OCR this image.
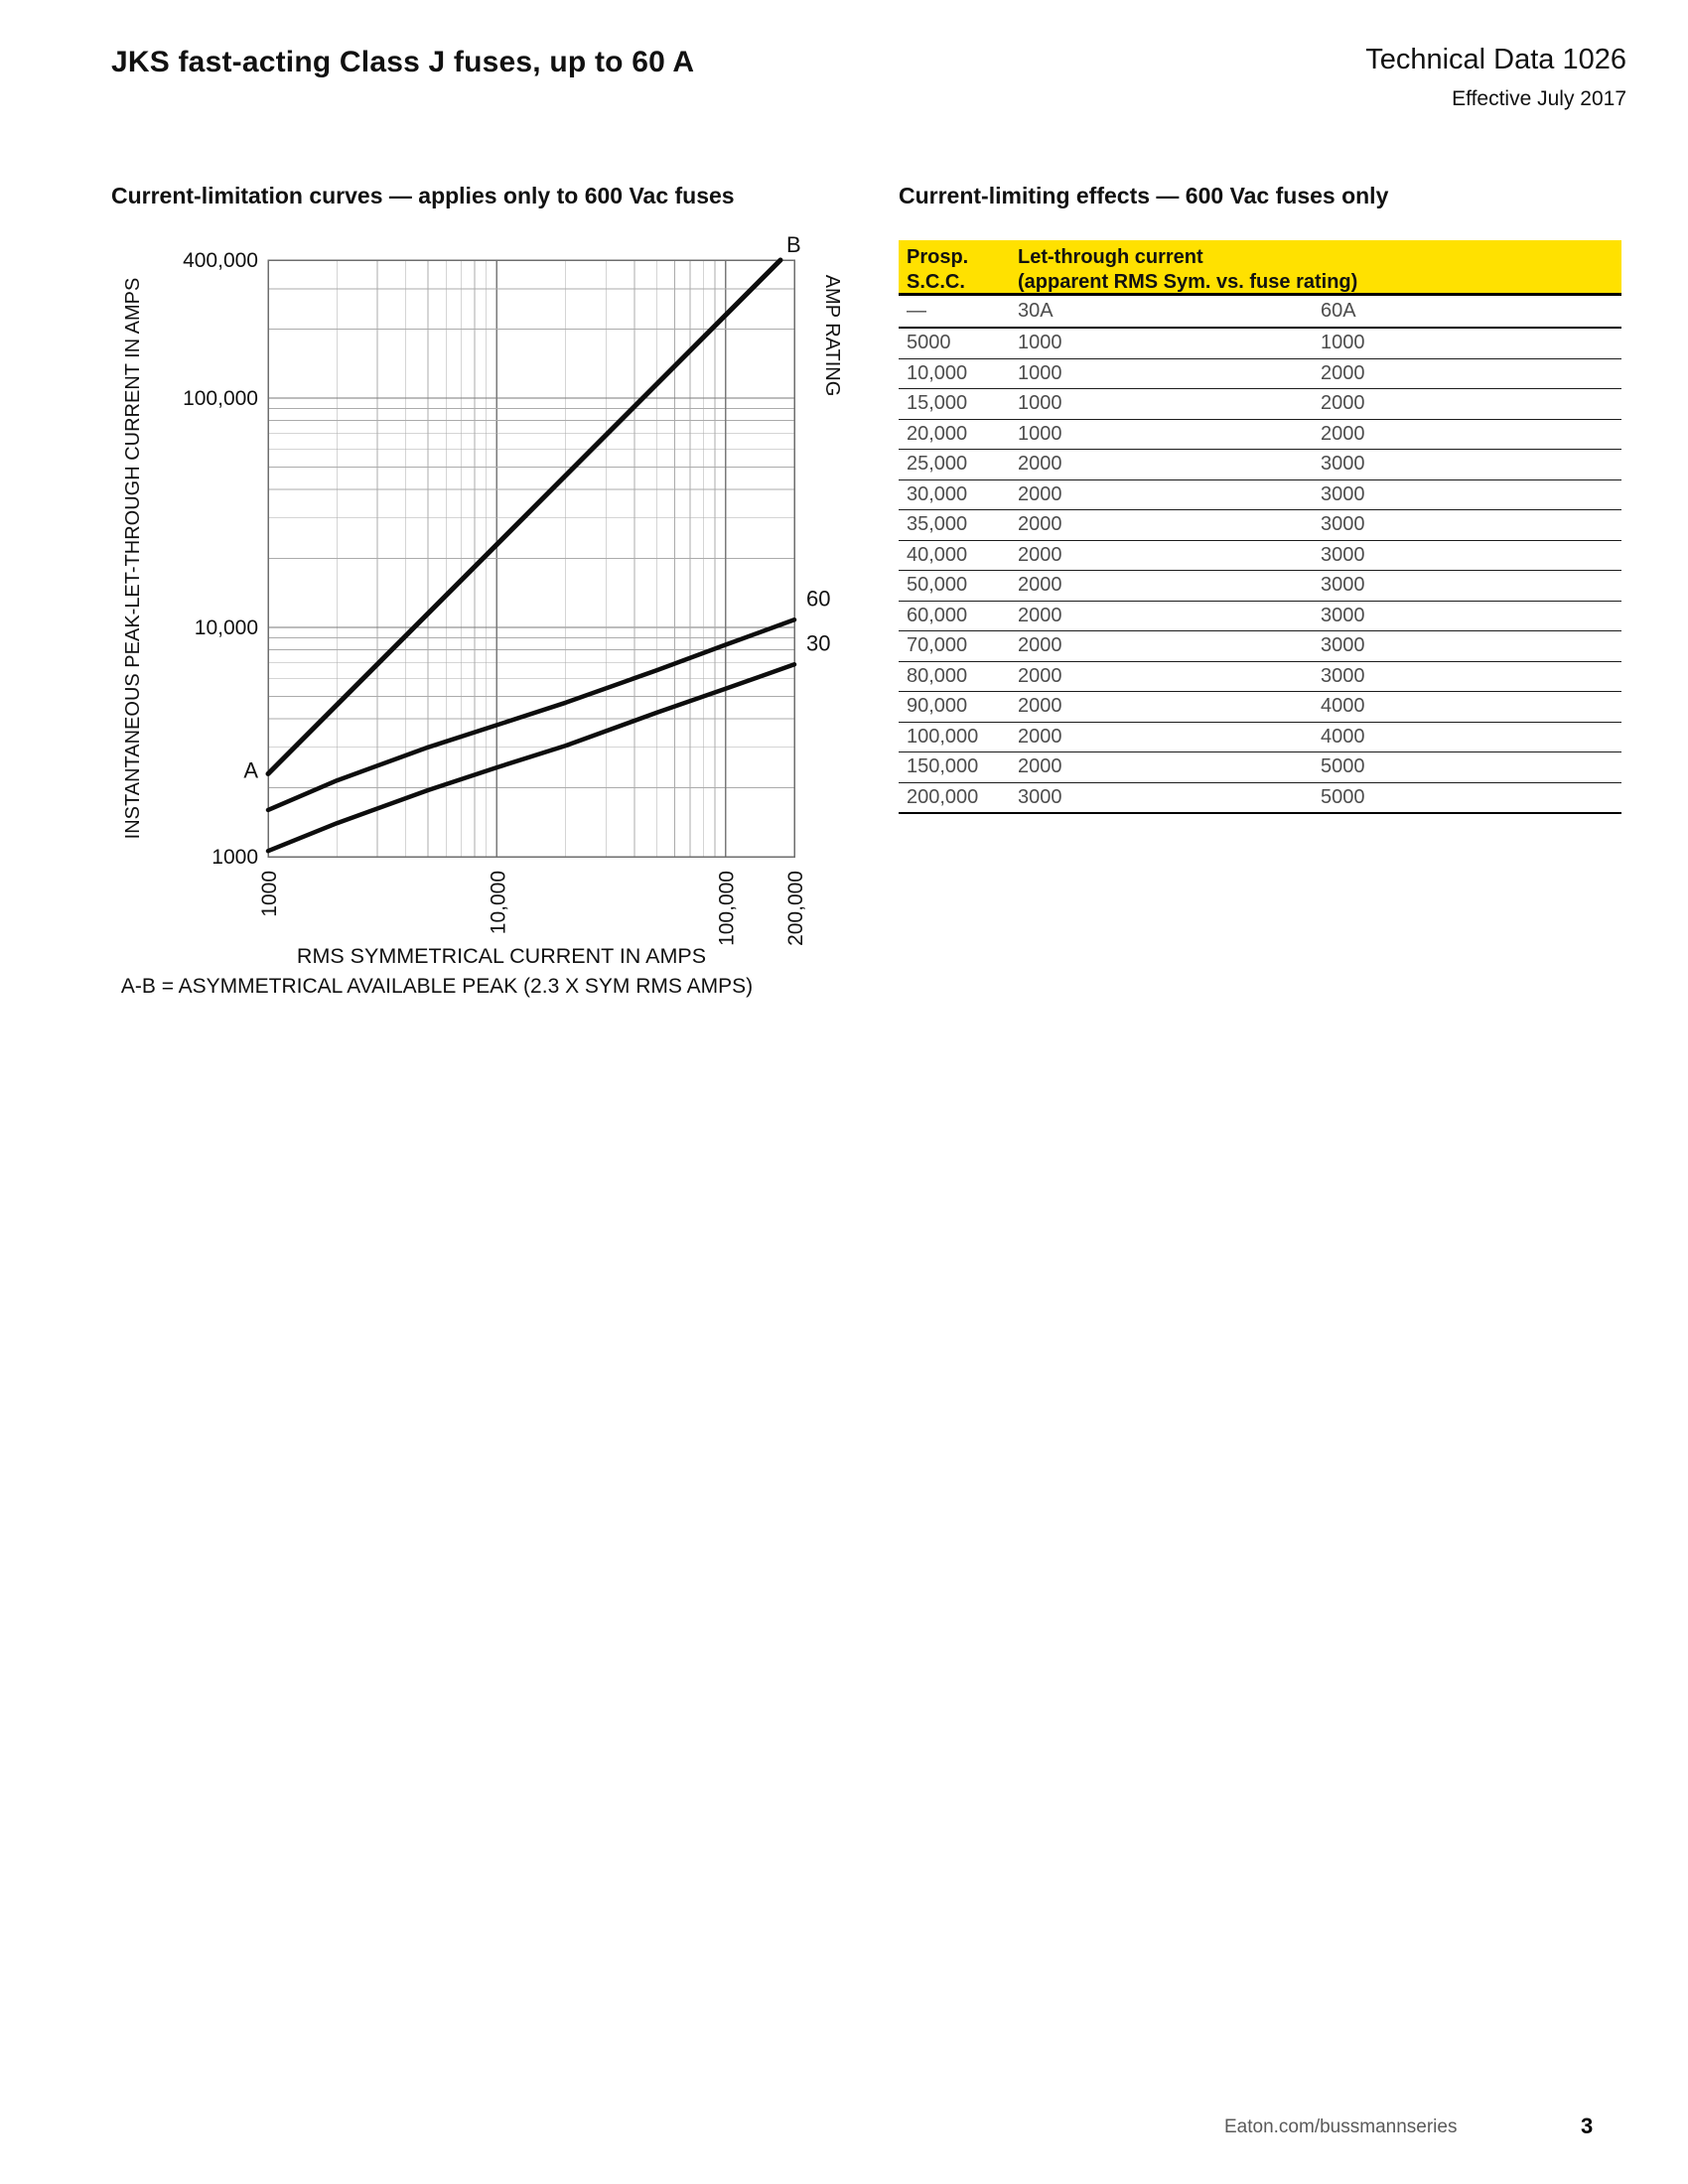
JKS fast-acting Class J fuses, up to 60 A	Technical Data 1026
Effective July 2017
Current-limitation curves — applies only to 600 Vac fuses	Current-limiting effects — 600 Vac fuses only
400,000
100,000
10,000
1000
1000	10,000	100,000 200,000
INSTANTANEOUS PEAK-LET-THROUGH CURRENT IN AMPS	AMP RATING
RMS SYMMETRICAL CURRENT IN AMPS
A-B = ASYMMETRICAL AVAILABLE PEAK (2.3 X SYM RMS AMPS)
A
B
60
30
Prosp.
S.C.C.
Let-through current
(apparent RMS Sym. vs. fuse rating)
—	30A	60A
5000	1000	1000
10,000	1000	2000
15,000	1000	2000
20,000	1000	2000
25,000	2000	3000
30,000	2000	3000
35,000	2000	3000
40,000	2000	3000
50,000	2000	3000
60,000	2000	3000
70,000	2000	3000
80,000	2000	3000
90,000	2000	4000
100,000	2000	4000
150,000	2000	5000
200,000	3000	5000
Eaton.com/bussmannseries	3
